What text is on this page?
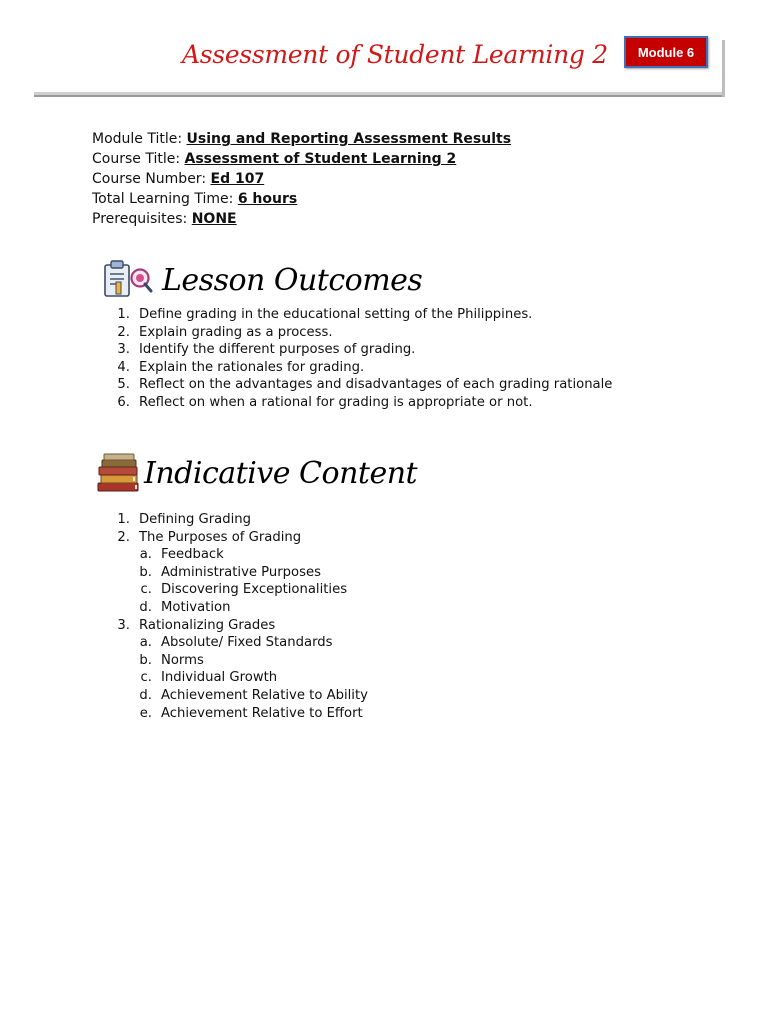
Assessment of Student Learning 2	Module 6
Module Title: Using and Reporting Assessment Results
Course Title: Assessment of Student Learning 2
Course Number: Ed 107
Total Learning Time: 6 hours
Prerequisites: NONE
Lesson Outcomes
1. Define grading in the educational setting of the Philippines.
2. Explain grading as a process.
3. Identify the different purposes of grading.
4. Explain the rationales for grading.
5. Reflect on the advantages and disadvantages of each grading rationale
6. Reflect on when a rational for grading is appropriate or not.
Indicative Content
1. Defining Grading
2. The Purposes of Grading
a. Feedback
b. Administrative Purposes
c. Discovering Exceptionalities
d. Motivation
3. Rationalizing Grades
a. Absolute/ Fixed Standards
b. Norms
c. Individual Growth
d. Achievement Relative to Ability
e. Achievement Relative to Effort
